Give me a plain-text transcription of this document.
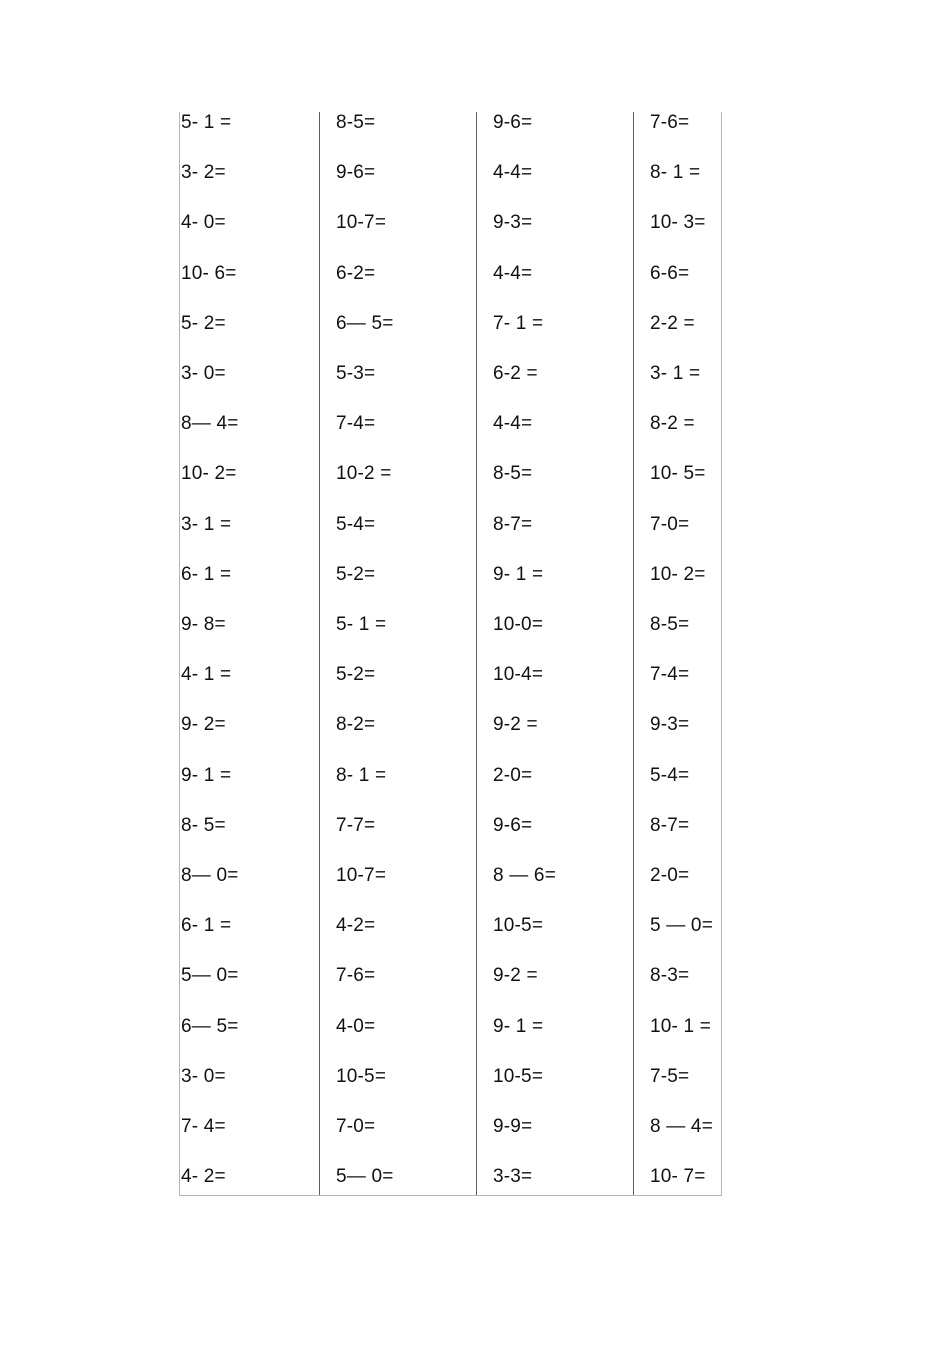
5- 1 =
3- 2=
4- 0=
10- 6=
5- 2=
3- 0=
8— 4=
10- 2=
3- 1 =
6- 1 =
9- 8=
4- 1 =
9- 2=
9- 1 =
8- 5=
8— 0=
6- 1 =
5— 0=
6— 5=
3- 0=
7- 4=
4- 2=
8-5=
9-6=
10-7=
6-2=
6— 5=
5-3=
7-4=
10-2 =
5-4=
5-2=
5- 1 =
5-2=
8-2=
8- 1 =
7-7=
10-7=
4-2=
7-6=
4-0=
10-5=
7-0=
5— 0=
9-6=
4-4=
9-3=
4-4=
7- 1 =
6-2 =
4-4=
8-5=
8-7=
9- 1 =
10-0=
10-4=
9-2 =
2-0=
9-6=
8 — 6=
10-5=
9-2 =
9- 1 =
10-5=
9-9=
3-3=
7-6=
8- 1 =
10- 3=
6-6=
2-2 =
3- 1 =
8-2 =
10- 5=
7-0=
10- 2=
8-5=
7-4=
9-3=
5-4=
8-7=
2-0=
5 — 0=
8-3=
10- 1 =
7-5=
8 — 4=
10- 7=
